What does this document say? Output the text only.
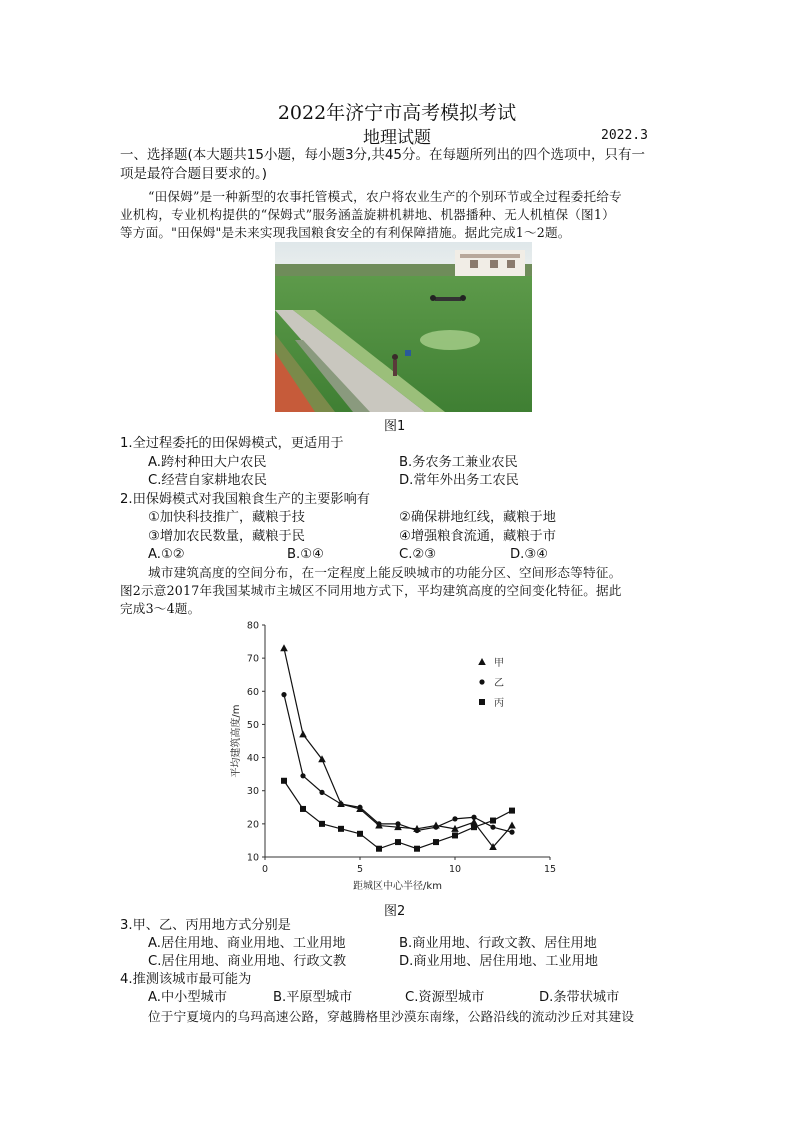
2022年济宁市高考模拟考试
地理试题	2022.3
一、选择题(本大题共15小题，每小题3分,共45分。在每题所列出的四个选项中，只有一
项是最符合题目要求的。)
“田保姆”是一种新型的农事托管模式，农户将农业生产的个别环节或全过程委托给专
业机构，专业机构提供的“保姆式”服务涵盖旋耕机耕地、机器播种、无人机植保（图1）
等方面。"田保姆"是未来实现我国粮食安全的有利保障措施。据此完成1～2题。
图1
1.全过程委托的田保姆模式，更适用于
A.跨村种田大户农民	B.务农务工兼业农民
C.经营自家耕地农民	D.常年外出务工农民
2.田保姆模式对我国粮食生产的主要影响有
①加快科技推广，藏粮于技	②确保耕地红线，藏粮于地
③增加农民数量，藏粮于民	④增强粮食流通，藏粮于市
A.①②	B.①④	C.②③	D.③④
城市建筑高度的空间分布，在一定程度上能反映城市的功能分区、空间形态等特征。
图2示意2017年我国某城市主城区不同用地方式下，平均建筑高度的空间变化特征。据此
完成3～4题。
10
20
30
40
50
60
70
80
0	5	10	15
距城区中心半径/km
平均建筑高度/m
甲
乙
丙
图2
3.甲、乙、丙用地方式分别是
A.居住用地、商业用地、工业用地	B.商业用地、行政文教、居住用地
C.居住用地、商业用地、行政文教	D.商业用地、居住用地、工业用地
4.推测该城市最可能为
A.中小型城市	B.平原型城市	C.资源型城市	D.条带状城市
位于宁夏境内的乌玛高速公路，穿越腾格里沙漠东南缘，公路沿线的流动沙丘对其建设
